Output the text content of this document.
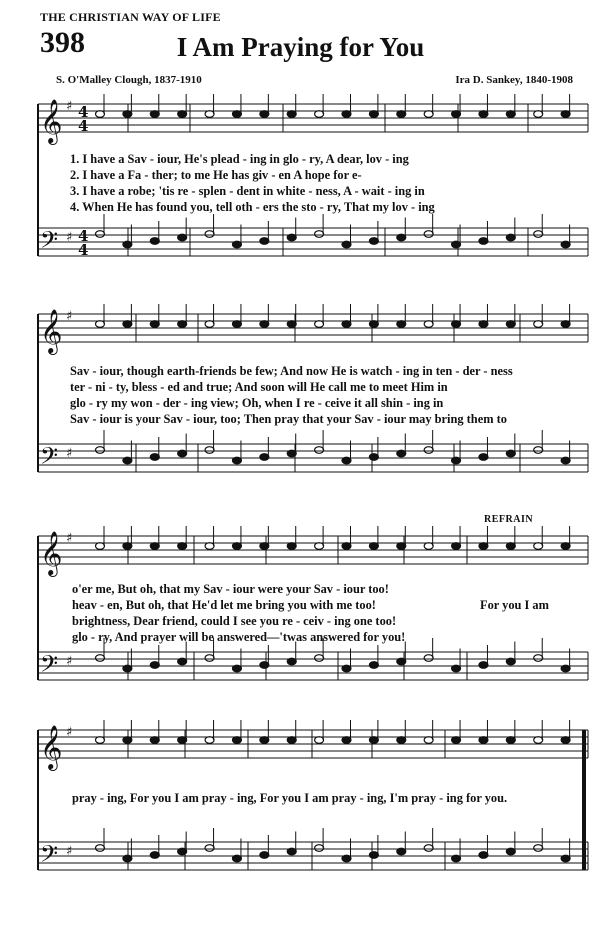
THE CHRISTIAN WAY OF LIFE
398	I Am Praying for You
S. O'Malley Clough, 1837-1910	Ira D. Sankey, 1840-1908
𝄞 ♯ 4
4
𝄢 ♯ 4
4
1. I have a Sav - iour, He's plead - ing in glo - ry, A dear, lov - ing
2. I have a Fa - ther; to me He has giv - en A hope for e-
3. I have a robe; 'tis re - splen - dent in white - ness, A - wait - ing in
4. When He has found you, tell oth - ers the sto - ry, That my lov - ing
𝄞 ♯
𝄢 ♯
Sav - iour, though earth-friends be few; And now He is watch - ing in ten - der - ness
ter - ni - ty, bless - ed and true; And soon will He call me to meet Him in
glo - ry my won - der - ing view; Oh, when I re - ceive it all shin - ing in
Sav - iour is your Sav - iour, too; Then pray that your Sav - iour may bring them to
REFRAIN
𝄞 ♯
𝄢 ♯
o'er me, But oh, that my Sav - iour were your Sav - iour too!
heav - en, But oh, that He'd let me bring you with me too!
brightness, Dear friend, could I see you re - ceiv - ing one too!
glo - ry, And prayer will be answered—'twas answered for you!
For you I am
𝄞 ♯
𝄢 ♯
pray - ing, For you I am pray - ing, For you I am pray - ing, I'm pray - ing for you.
